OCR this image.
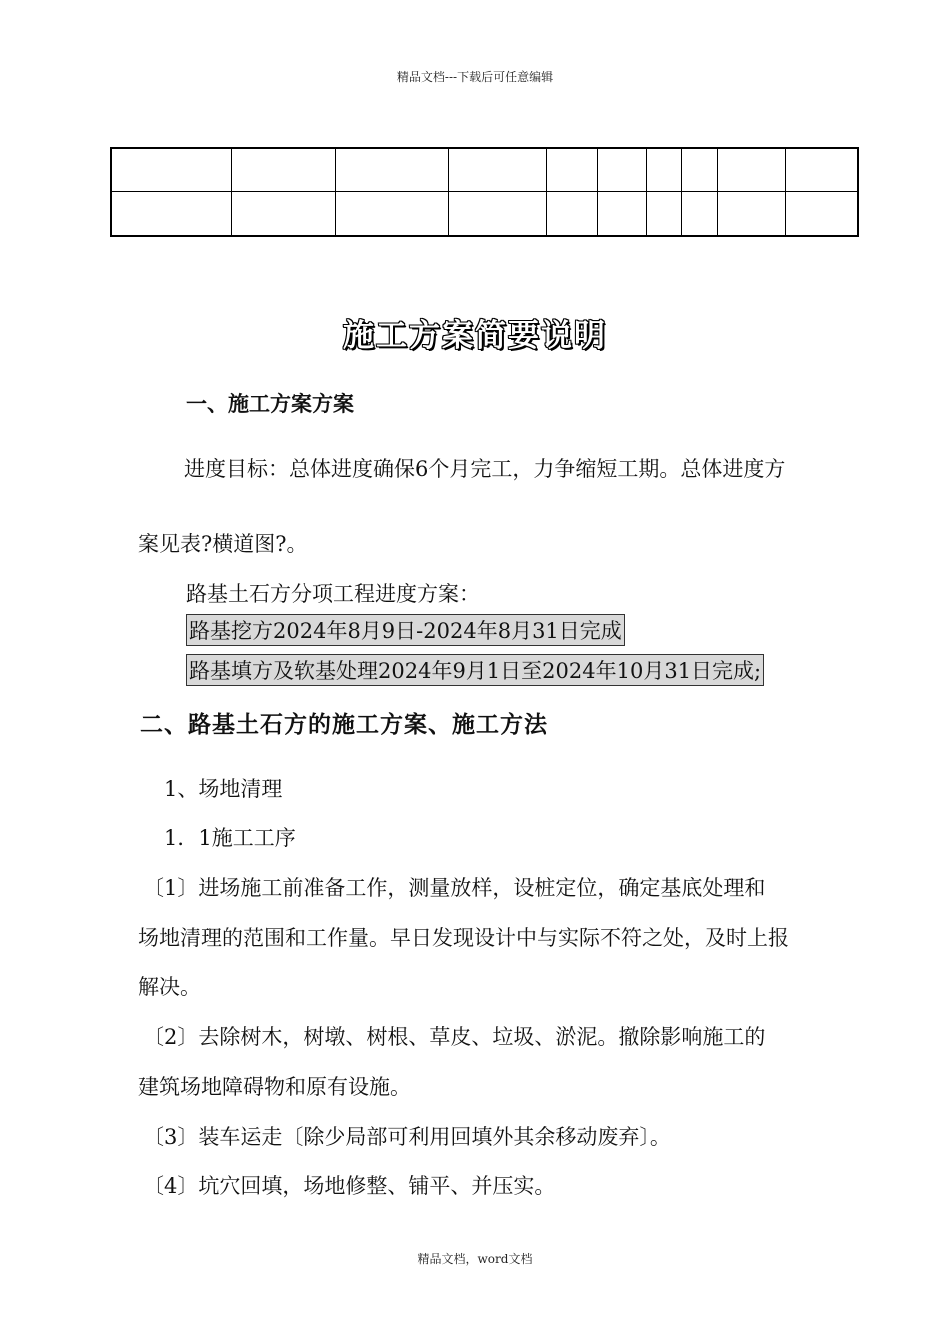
精品文档---下载后可任意编辑

施工方案简要说明
一、施工方案方案
进度目标：总体进度确保6个月完工，力争缩短工期。总体进度方
案见表?横道图?。
路基土石方分项工程进度方案：
路基挖方2024年8月9日-2024年8月31日完成
路基填方及软基处理2024年9月1日至2024年10月31日完成;
二、路基土石方的施工方案、施工方法
1、场地清理
1．1施工工序
〔1〕进场施工前准备工作，测量放样，设桩定位，确定基底处理和
场地清理的范围和工作量。早日发现设计中与实际不符之处，及时上报
解决。
〔2〕去除树木，树墩、树根、草皮、垃圾、淤泥。撤除影响施工的
建筑场地障碍物和原有设施。
〔3〕装车运走〔除少局部可利用回填外其余移动废弃〕。
〔4〕坑穴回填，场地修整、铺平、并压实。
精品文档，word文档
